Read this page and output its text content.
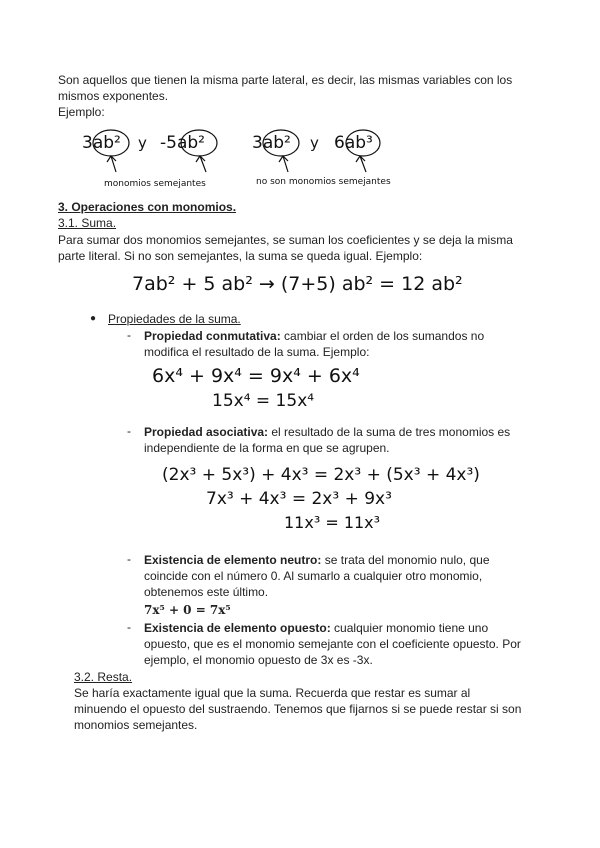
Son aquellos que tienen la misma parte lateral, es decir, las mismas variables con los
mismos exponentes.
Ejemplo:
3ab² y -5ab²
monomios semejantes
3ab² y 6ab³
no son monomios semejantes
3. Operaciones con monomios.
3.1. Suma.
Para sumar dos monomios semejantes, se suman los coeficientes y se deja la misma
parte literal. Si no son semejantes, la suma se queda igual. Ejemplo:
7ab² + 5 ab² → (7+5) ab² = 12 ab²
● Propiedades de la suma.
- Propiedad conmutativa: cambiar el orden de los sumandos no
modifica el resultado de la suma. Ejemplo:
6x⁴ + 9x⁴ = 9x⁴ + 6x⁴
15x⁴ = 15x⁴
- Propiedad asociativa: el resultado de la suma de tres monomios es
independiente de la forma en que se agrupen.
(2x³ + 5x³) + 4x³ = 2x³ + (5x³ + 4x³)
7x³ + 4x³ = 2x³ + 9x³
11x³ = 11x³
- Existencia de elemento neutro: se trata del monomio nulo, que
coincide con el número 0. Al sumarlo a cualquier otro monomio,
obtenemos este último.
7x⁵ + 0 = 7x⁵
- Existencia de elemento opuesto: cualquier monomio tiene uno
opuesto, que es el monomio semejante con el coeficiente opuesto. Por
ejemplo, el monomio opuesto de 3x es -3x.
3.2. Resta.
Se haría exactamente igual que la suma. Recuerda que restar es sumar al
minuendo el opuesto del sustraendo. Tenemos que fijarnos si se puede restar si son
monomios semejantes.
